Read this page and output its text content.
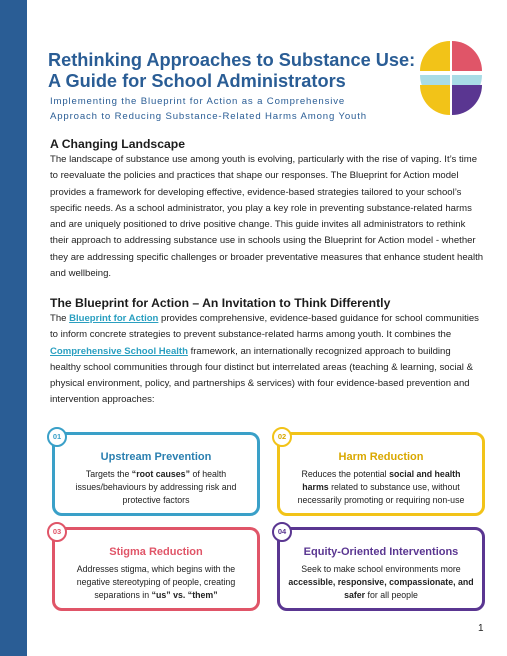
Rethinking Approaches to Substance Use:
A Guide for School Administrators
Implementing the Blueprint for Action as a Comprehensive
Approach to Reducing Substance-Related Harms Among Youth
A Changing Landscape
The landscape of substance use among youth is evolving, particularly with the rise of vaping. It’s time to reevaluate the policies and practices that shape our responses. The Blueprint for Action model provides a framework for developing effective, evidence-based strategies tailored to your school’s specific needs. As a school administrator, you play a key role in preventing substance-related harms and are uniquely positioned to drive positive change. This guide invites all administrators to rethink their approach to addressing substance use in schools using the Blueprint for Action model - whether they are addressing specific challenges or broader preventative measures that enhance student health and wellbeing.
The Blueprint for Action – An Invitation to Think Differently
The Blueprint for Action provides comprehensive, evidence-based guidance for school communities to inform concrete strategies to prevent substance-related harms among youth. It combines the Comprehensive School Health framework, an internationally recognized approach to building healthy school communities through four distinct but interrelated areas (teaching & learning, social & physical environment, policy, and partnerships & services) with four evidence-based prevention and intervention approaches:
Upstream Prevention
Targets the “root causes” of health issues/behaviours by addressing risk and protective factors
01
Harm Reduction
Reduces the potential social and health harms related to substance use, without necessarily promoting or requiring non-use
02
Stigma Reduction
Addresses stigma, which begins with the negative stereotyping of people, creating separations in “us” vs. “them”
03
Equity-Oriented Interventions
Seek to make school environments more accessible, responsive, compassionate, and safer for all people
04
1
